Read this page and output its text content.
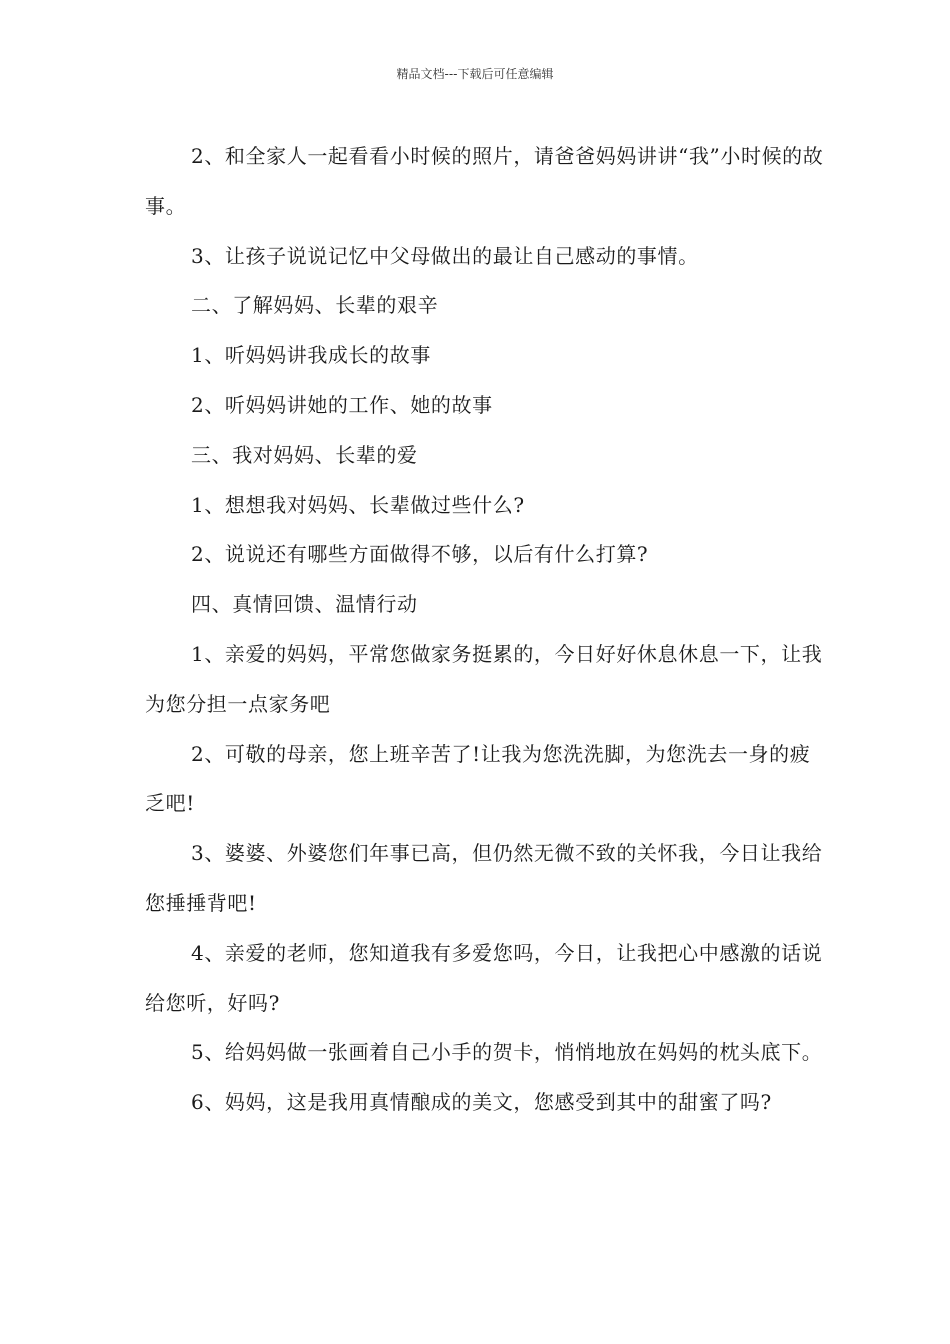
精品文档---下载后可任意编辑

2、和全家人一起看看小时候的照片，请爸爸妈妈讲讲“我”小时候的故事。

3、让孩子说说记忆中父母做出的最让自己感动的事情。

二、了解妈妈、长辈的艰辛

1、听妈妈讲我成长的故事

2、听妈妈讲她的工作、她的故事

三、我对妈妈、长辈的爱

1、想想我对妈妈、长辈做过些什么?

2、说说还有哪些方面做得不够，以后有什么打算?

四、真情回馈、温情行动

1、亲爱的妈妈，平常您做家务挺累的，今日好好休息休息一下，让我为您分担一点家务吧

2、可敬的母亲，您上班辛苦了!让我为您洗洗脚，为您洗去一身的疲乏吧!

3、婆婆、外婆您们年事已高，但仍然无微不致的关怀我，今日让我给您捶捶背吧!

4、亲爱的老师，您知道我有多爱您吗，今日，让我把心中感激的话说给您听，好吗?

5、给妈妈做一张画着自己小手的贺卡，悄悄地放在妈妈的枕头底下。

6、妈妈，这是我用真情酿成的美文，您感受到其中的甜蜜了吗?
